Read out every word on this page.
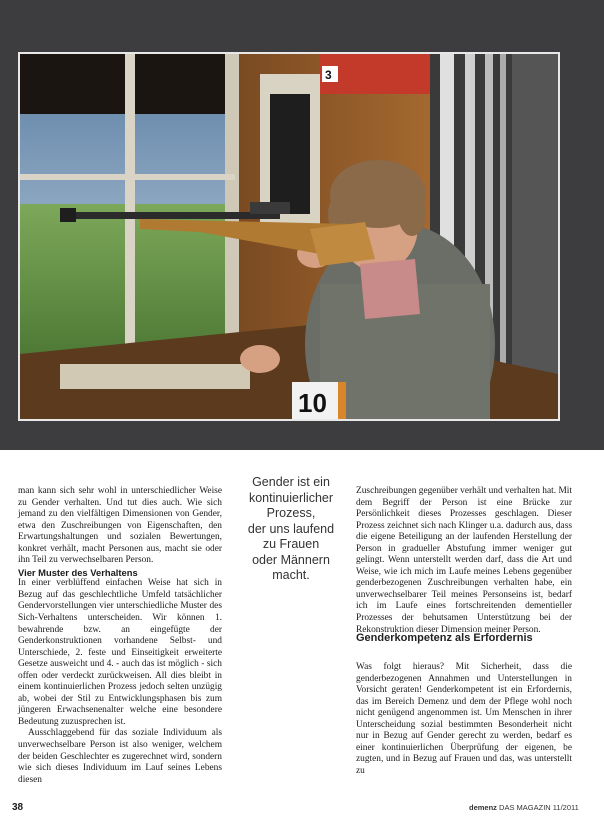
10
3

man kann sich sehr wohl in unterschiedlicher Weise zu Gender verhalten. Und tut dies auch. Wie sich jemand zu den vielfältigen Dimensionen von Gender, etwa den Zuschreibungen von Eigenschaften, den Erwartungshaltungen und sozialen Bewertungen, konkret verhält, macht Personen aus, macht sie oder ihn Teil zu verwechselbaren Person.

Vier Muster des Verhaltens

In einer verblüffend einfachen Weise hat sich in Bezug auf das geschlechtliche Umfeld tatsächlicher Gendervorstellungen vier unterschiedliche Muster des Sich-Verhaltens unterscheiden. Wir können 1. bewahrende bzw. an eingefügte der Genderkonstruktionen vorhandene Selbst- und Unterschiede, 2. feste und Einseitigkeit erweiterte Gesetze ausweicht und 4. - auch das ist möglich - sich offen oder verdeckt zurückweisen. All dies bleibt in einem kontinuierlichen Prozess jedoch selten unzügig ab, wobei der Stil zu Entwicklungsphasen bis zum jüngeren Erwachsenenalter welche eine besondere Bedeutung zuzusprechen ist.

Ausschlaggebend für das soziale Individuum als unverwechselbare Person ist also weniger, welchem der beiden Geschlechter es zugerechnet wird, sondern wie sich dieses Individuum im Lauf seines Lebens diesen

Gender ist ein
kontinuierlicher
Prozess,
der uns laufend
zu Frauen
oder Männern
macht.

Zuschreibungen gegenüber verhält und verhalten hat. Mit dem Begriff der Person ist eine Brücke zur Persönlichkeit dieses Prozesses geschlagen. Dieser Prozess zeichnet sich nach Klinger u.a. dadurch aus, dass die eigene Beteiligung an der laufenden Herstellung der Person in gradueller Abstufung immer weniger gut gelingt. Wenn unterstellt werden darf, dass die Art und Weise, wie ich mich im Laufe meines Lebens gegenüber genderbezogenen Zuschreibungen verhalten habe, ein unverwechselbarer Teil meines Personseins ist, bedarf ich im Laufe eines fortschreitenden dementieller Prozesses der behutsamen Unterstützung bei der Rekonstruktion dieser Dimension meiner Person.

Genderkompetenz als Erfordernis

Was folgt hieraus? Mit Sicherheit, dass die genderbezogenen Annahmen und Unterstellungen in Vorsicht geraten! Genderkompetent ist ein Erfordernis, das im Bereich Demenz und dem der Pflege wohl noch nicht genügend angenommen ist. Um Menschen in ihrer Unterscheidung sozial bestimmten Besonderheit nicht nur in Bezug auf Gender gerecht zu werden, bedarf es einer kontinuierlichen Überprüfung der eigenen, be zugten, und in Bezug auf Frauen und das, was unterstellt zu

38	demenz DAS MAGAZIN 11/2011
